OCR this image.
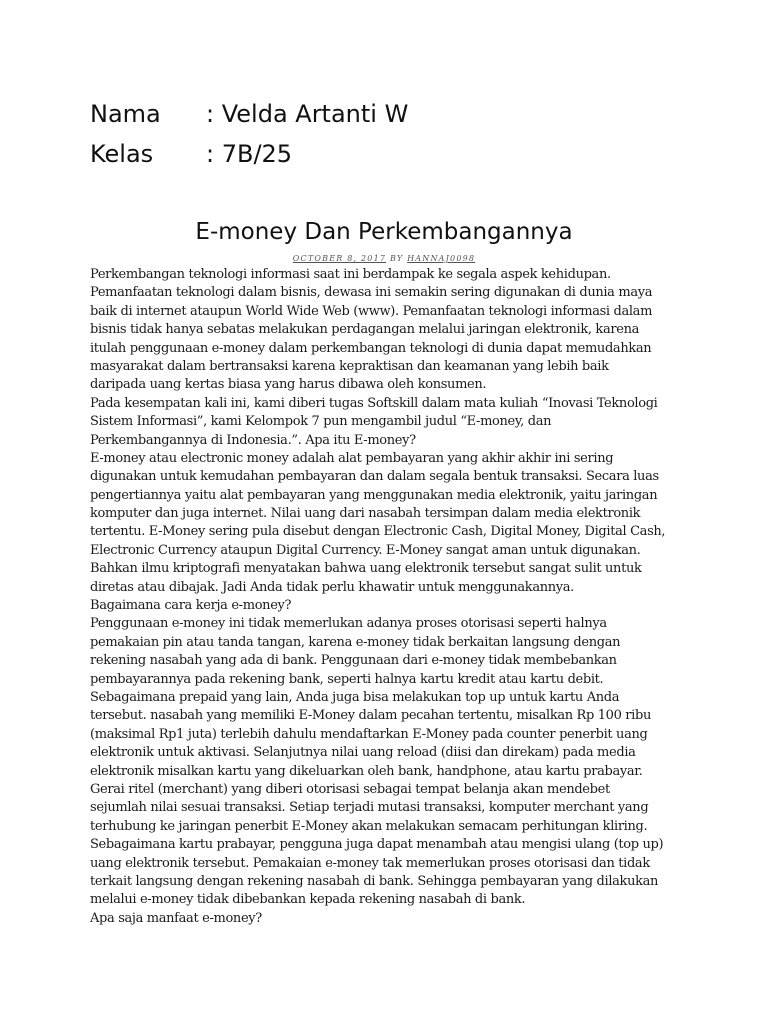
Nama	: Velda Artanti W
Kelas	: 7B/25
E-money Dan Perkembangannya
OCTOBER 8, 2017 BY HANNAJ0098
Perkembangan teknologi informasi saat ini berdampak ke segala aspek kehidupan.
Pemanfaatan teknologi dalam bisnis, dewasa ini semakin sering digunakan di dunia maya
baik di internet ataupun World Wide Web (www). Pemanfaatan teknologi informasi dalam
bisnis tidak hanya sebatas melakukan perdagangan melalui jaringan elektronik, karena
itulah penggunaan e-money dalam perkembangan teknologi di dunia dapat memudahkan
masyarakat dalam bertransaksi karena kepraktisan dan keamanan yang lebih baik
daripada uang kertas biasa yang harus dibawa oleh konsumen.
Pada kesempatan kali ini, kami diberi tugas Softskill dalam mata kuliah “Inovasi Teknologi
Sistem Informasi”, kami Kelompok 7 pun mengambil judul “E-money, dan
Perkembangannya di Indonesia.”. Apa itu E-money?
E-money atau electronic money adalah alat pembayaran yang akhir akhir ini sering
digunakan untuk kemudahan pembayaran dan dalam segala bentuk transaksi. Secara luas
pengertiannya yaitu alat pembayaran yang menggunakan media elektronik, yaitu jaringan
komputer dan juga internet. Nilai uang dari nasabah tersimpan dalam media elektronik
tertentu. E-Money sering pula disebut dengan Electronic Cash, Digital Money, Digital Cash,
Electronic Currency ataupun Digital Currency. E-Money sangat aman untuk digunakan.
Bahkan ilmu kriptografi menyatakan bahwa uang elektronik tersebut sangat sulit untuk
diretas atau dibajak. Jadi Anda tidak perlu khawatir untuk menggunakannya.
Bagaimana cara kerja e-money?
Penggunaan e-money ini tidak memerlukan adanya proses otorisasi seperti halnya
pemakaian pin atau tanda tangan, karena e-money tidak berkaitan langsung dengan
rekening nasabah yang ada di bank. Penggunaan dari e-money tidak membebankan
pembayarannya pada rekening bank, seperti halnya kartu kredit atau kartu debit.
Sebagaimana prepaid yang lain, Anda juga bisa melakukan top up untuk kartu Anda
tersebut. nasabah yang memiliki E-Money dalam pecahan tertentu, misalkan Rp 100 ribu
(maksimal Rp1 juta) terlebih dahulu mendaftarkan E-Money pada counter penerbit uang
elektronik untuk aktivasi. Selanjutnya nilai uang reload (diisi dan direkam) pada media
elektronik misalkan kartu yang dikeluarkan oleh bank, handphone, atau kartu prabayar.
Gerai ritel (merchant) yang diberi otorisasi sebagai tempat belanja akan mendebet
sejumlah nilai sesuai transaksi. Setiap terjadi mutasi transaksi, komputer merchant yang
terhubung ke jaringan penerbit E-Money akan melakukan semacam perhitungan kliring.
Sebagaimana kartu prabayar, pengguna juga dapat menambah atau mengisi ulang (top up)
uang elektronik tersebut. Pemakaian e-money tak memerlukan proses otorisasi dan tidak
terkait langsung dengan rekening nasabah di bank. Sehingga pembayaran yang dilakukan
melalui e-money tidak dibebankan kepada rekening nasabah di bank.
Apa saja manfaat e-money?
